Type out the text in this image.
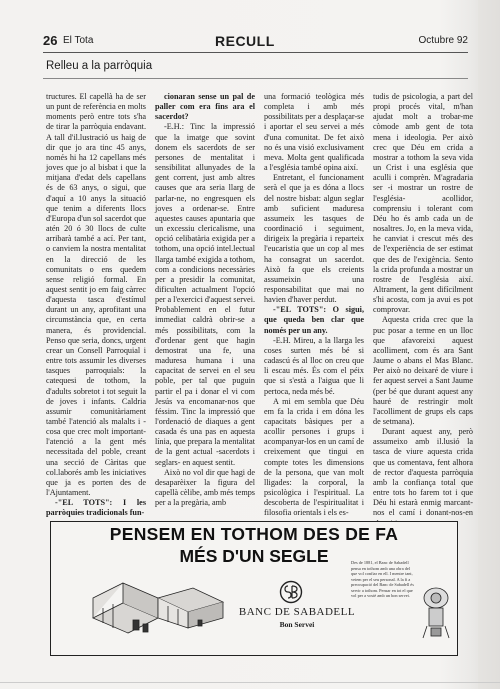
26 El Tota	RECULL	Octubre 92
Relleu a la parròquia

tructures. El capellà ha de ser un punt de referència en molts moments però entre tots s'ha de tirar la parròquia endavant. A tall d'il.lustració us haig de dir que jo ara tinc 45 anys, només hi ha 12 capellans més joves que jo al bisbat i que la mitjana d'edat dels capellans és de 63 anys, o sigui, que d'aquí a 10 anys la situació que tenim a diferents llocs d'Europa d'un sol sacerdot que atén 20 ó 30 llocs de culte arribarà també a ací. Per tant, o canviem la nostra mentalitat en la direcció de les comunitats o ens quedem sense religió formal. En aquest sentit jo em faig càrrec d'aquesta tasca d'estímul durant un any, aprofitant una circumstància que, en certa manera, és providencial. Penso que seria, doncs, urgent crear un Consell Parroquial i entre tots assumir les diverses tasques parroquials: la catequesi de tothom, la d'adults sobretot i tot seguit la de joves i infants. Caldria assumir comunitàriament també l'atenció als malalts i -cosa que crec molt important- l'atenció a la gent més necessitada del poble, creant una secció de Càritas que col.laborés amb les iniciatives que ja es porten des de l'Ajuntament.

-"EL TOTS": I les parròquies tradicionals fun-

cionaran sense un pal de paller com era fins ara el sacerdot?

-E.H.: Tinc la impressió que la imatge que sovint donem els sacerdots de ser persones de mentalitat i sensibilitat allunyades de la gent corrent, just amb altres causes que ara seria llarg de parlar-ne, no engresquen els joves a ordenar-se. Entre aquestes causes apuntaria que un excessiu clericalisme, una opció celibatària exigida per a tothom, una opció intel.lectual llarga també exigida a tothom, com a condicions necessàries per a presidir la comunitat, dificulten actualment l'opció per a l'exercici d'aquest servei. Probablement en el futur immediat caldrà obrir-se a més possibilitats, com la d'ordenar gent que hagin demostrat una fe, una maduresa humana i una capacitat de servei en el seu poble, per tal que puguin partir el pa i donar el vi com Jesús va encomanar-nos que féssim. Tinc la impressió que l'ordenació de diaques a gent casada és una pas en aquesta línia, que prepara la mentalitat de la gent actual -sacerdots i seglars- en aquest sentit.

Això no vol dir que hagi de desaparèixer la figura del capellà cèlibe, amb més temps per a la pregària, amb

una formació teològica més completa i amb més possibilitats per a desplaçar-se i aportar el seu servei a més d'una comunitat. De fet això no és una visió exclusivament meva. Molta gent qualificada a l'església també opina així.

Entretant, el funcionament serà el que ja es dóna a llocs del nostre bisbat: algun seglar amb suficient maduresa assumeix les tasques de coordinació i seguiment, dirigeix la pregària i reparteix l'eucaristia que un cop al mes ha consagrat un sacerdot. Això fa que els creients assumeixin una responsabilitat que mai no havien d'haver perdut.

-"EL TOTS": O sigui, que queda ben clar que només per un any.

-E.H. Mireu, a la llarga les coses surten més bé si cadascú és al lloc on creu que li escau més. És com el péix que si s'està a l'aigua que li pertoca, neda més bé.

A mi em sembla que Déu em fa la crida i em dóna les capacitats bàsiques per a acollir persones i grups i acompanyar-los en un camí de creixement que tingui en compte totes les dimensions de la persona, que van molt lligades: la corporal, la psicològica i l'espiritual. La descoberta de l'espiritualitat i filosofia orientals i els es-

tudis de psicologia, a part del propi procés vital, m'han ajudat molt a trobar-me còmode amb gent de tota mena i ideologia. Per això crec que Déu em crida a mostrar a tothom la seva vida un Crist i una església que aculli i comprèn. M'agradaria ser -i mostrar un rostre de l'església- acollidor, comprensiu i tolerant com Déu ho és amb cada un de nosaltres. Jo, en la meva vida, he canviat i crescut més des de l'experiència de ser estimat que des de l'exigència. Sento la crida profunda a mostrar un rostre de l'església així. Altrament, la gent difícilment s'hi acosta, com ja avui es pot comprovar.

Aquesta crida crec que la puc posar a terme en un lloc que afavoreixi aquest acolliment, com és ara Sant Jaume o abans el Mas Blanc. Per això no deixaré de viure i fer aquest servei a Sant Jaume (per bé que durant aquest any hauré de restringir molt l'acolliment de grups els caps de setmana).

Durant aquest any, però assumeixo amb il.lusió la tasca de viure aquesta crida que us comentava, fent alhora de rector d'aquesta parròquia amb la confiança total que entre tots ho farem tot i que Déu hi estarà enmig marcant-nos el camí i donant-nos-en

PENSEM EN TOTHOM DES DE FA
MÉS D'UN SEGLE
BANC DE SABADELL
Bon Servei
Des de 1881, el Banc de Sabadell pensa en tothom amb una obra del que vol confiar en ell. I mentre tant, veiem per el seu personal. A la fi a preocupació del Banc de Sabadell és servir a tothom. Pensar en tot el que vol per a vostè amb un bon servei.
